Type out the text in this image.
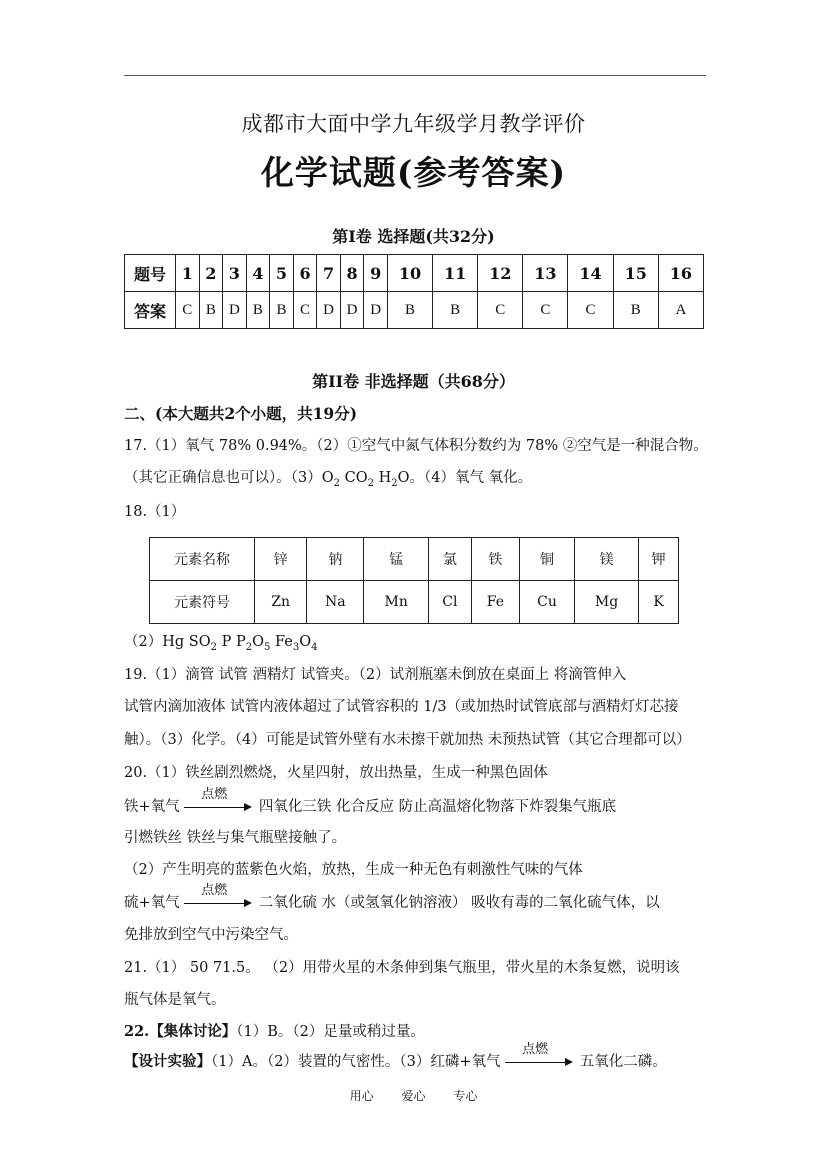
成都市大面中学九年级学月教学评价
化学试题(参考答案)
第Ⅰ卷 选择题(共32分)
题号	1	2	3	4	5	6	7	8	9	10	11	12	13	14	15	16
答案	C	B	D	B	B	C	D	D	D	B	B	C	C	C	B	A
第II卷 非选择题（共68分）
二、(本大题共2个小题，共19分)
17.（1）氧气 78% 0.94%。（2）①空气中氮气体积分数约为 78% ②空气是一种混合物。
（其它正确信息也可以）。$(3)O_2$ $CO_2$ $H_2O$。（4）氧气 氧化。
18.（1）
元素名称	锌	钠	锰	氯	铁	铜	镁	钾
元素符号	Zn	Na	Mn	Cl	Fe	Cu	Mg	K
（2）Hg $SO_2$ P $P_2O_5$ $Fe_3O_4$
19.（1）滴管 试管 酒精灯 试管夹。（2）试剂瓶塞未倒放在桌面上 将滴管伸入
试管内滴加液体 试管内液体超过了试管容积的 1/3（或加热时试管底部与酒精灯灯芯接
触）。（3）化学。（4）可能是试管外壁有水未擦干就加热 未预热试管（其它合理都可以）
20.（1）铁丝剧烈燃烧，火星四射，放出热量，生成一种黑色固体
铁+氧气
点燃
四氧化三铁 化合反应 防止高温熔化物落下炸裂集气瓶底
引燃铁丝 铁丝与集气瓶壁接触了。
（2）产生明亮的蓝紫色火焰，放热，生成一种无色有刺激性气味的气体
硫+氧气
点燃
二氧化硫 水（或氢氧化钠溶液） 吸收有毒的二氧化硫气体，以
免排放到空气中污染空气。
21.（1） 50 71.5。 （2）用带火星的木条伸到集气瓶里，带火星的木条复燃，说明该
瓶气体是氧气。
22.【集体讨论】（1）B。（2）足量或稍过量。
【设计实验】（1）A。（2）装置的气密性。（3）红磷+氧气
点燃
五氧化二磷。
用心 爱心 专心
